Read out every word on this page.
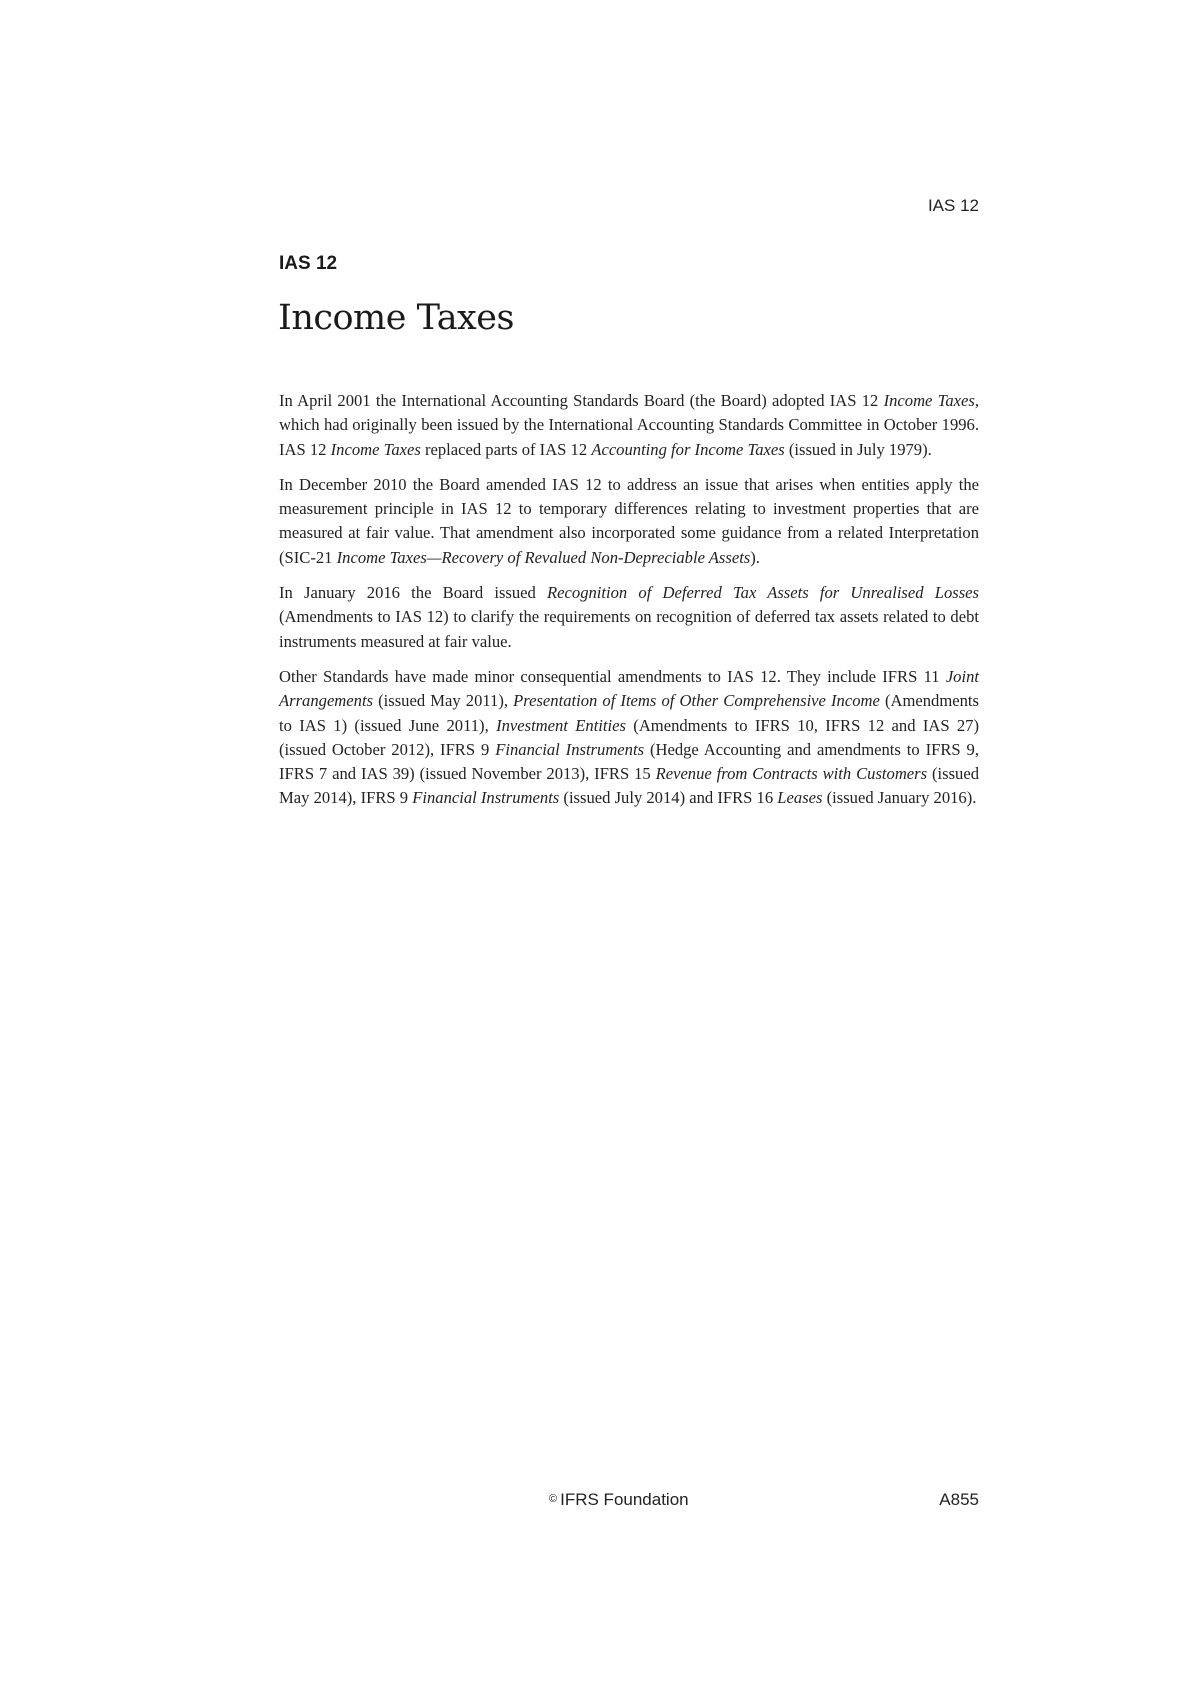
IAS 12
IAS 12
Income Taxes

In April 2001 the International Accounting Standards Board (the Board) adopted IAS 12 Income Taxes, which had originally been issued by the International Accounting Standards Committee in October 1996. IAS 12 Income Taxes replaced parts of IAS 12 Accounting for Income Taxes (issued in July 1979).

In December 2010 the Board amended IAS 12 to address an issue that arises when entities apply the measurement principle in IAS 12 to temporary differences relating to investment properties that are measured at fair value. That amendment also incorporated some guidance from a related Interpretation (SIC-21 Income Taxes—Recovery of Revalued Non-Depreciable Assets).

In January 2016 the Board issued Recognition of Deferred Tax Assets for Unrealised Losses (Amendments to IAS 12) to clarify the requirements on recognition of deferred tax assets related to debt instruments measured at fair value.

Other Standards have made minor consequential amendments to IAS 12. They include IFRS 11 Joint Arrangements (issued May 2011), Presentation of Items of Other Comprehensive Income (Amendments to IAS 1) (issued June 2011), Investment Entities (Amendments to IFRS 10, IFRS 12 and IAS 27) (issued October 2012), IFRS 9 Financial Instruments (Hedge Accounting and amendments to IFRS 9, IFRS 7 and IAS 39) (issued November 2013), IFRS 15 Revenue from Contracts with Customers (issued May 2014), IFRS 9 Financial Instruments (issued July 2014) and IFRS 16 Leases (issued January 2016).

© IFRS Foundation	A855
